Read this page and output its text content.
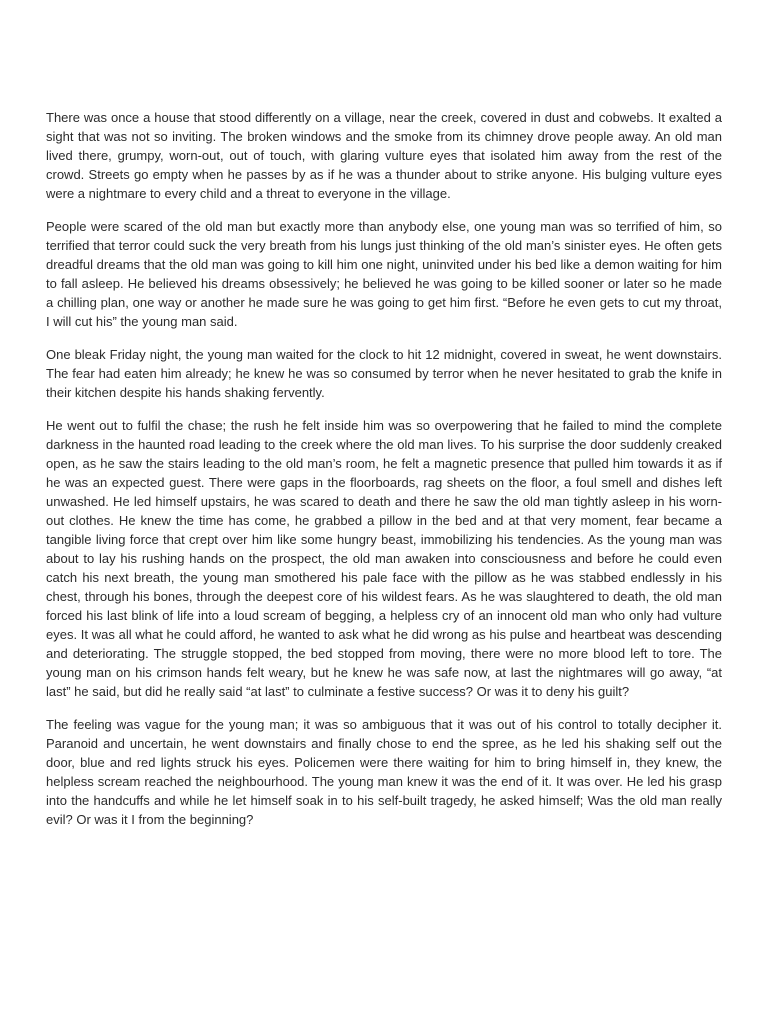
There was once a house that stood differently on a village, near the creek, covered in dust and cobwebs. It exalted a sight that was not so inviting. The broken windows and the smoke from its chimney drove people away. An old man lived there, grumpy, worn-out, out of touch, with glaring vulture eyes that isolated him away from the rest of the crowd. Streets go empty when he passes by as if he was a thunder about to strike anyone. His bulging vulture eyes were a nightmare to every child and a threat to everyone in the village.

People were scared of the old man but exactly more than anybody else, one young man was so terrified of him, so terrified that terror could suck the very breath from his lungs just thinking of the old man’s sinister eyes. He often gets dreadful dreams that the old man was going to kill him one night, uninvited under his bed like a demon waiting for him to fall asleep. He believed his dreams obsessively; he believed he was going to be killed sooner or later so he made a chilling plan, one way or another he made sure he was going to get him first. “Before he even gets to cut my throat, I will cut his” the young man said.

One bleak Friday night, the young man waited for the clock to hit 12 midnight, covered in sweat, he went downstairs. The fear had eaten him already; he knew he was so consumed by terror when he never hesitated to grab the knife in their kitchen despite his hands shaking fervently.

He went out to fulfil the chase; the rush he felt inside him was so overpowering that he failed to mind the complete darkness in the haunted road leading to the creek where the old man lives. To his surprise the door suddenly creaked open, as he saw the stairs leading to the old man’s room, he felt a magnetic presence that pulled him towards it as if he was an expected guest. There were gaps in the floorboards, rag sheets on the floor, a foul smell and dishes left unwashed. He led himself upstairs, he was scared to death and there he saw the old man tightly asleep in his worn-out clothes. He knew the time has come, he grabbed a pillow in the bed and at that very moment, fear became a tangible living force that crept over him like some hungry beast, immobilizing his tendencies. As the young man was about to lay his rushing hands on the prospect, the old man awaken into consciousness and before he could even catch his next breath, the young man smothered his pale face with the pillow as he was stabbed endlessly in his chest, through his bones, through the deepest core of his wildest fears. As he was slaughtered to death, the old man forced his last blink of life into a loud scream of begging, a helpless cry of an innocent old man who only had vulture eyes. It was all what he could afford, he wanted to ask what he did wrong as his pulse and heartbeat was descending and deteriorating. The struggle stopped, the bed stopped from moving, there were no more blood left to tore. The young man on his crimson hands felt weary, but he knew he was safe now, at last the nightmares will go away, “at last” he said, but did he really said “at last” to culminate a festive success? Or was it to deny his guilt?

The feeling was vague for the young man; it was so ambiguous that it was out of his control to totally decipher it. Paranoid and uncertain, he went downstairs and finally chose to end the spree, as he led his shaking self out the door, blue and red lights struck his eyes. Policemen were there waiting for him to bring himself in, they knew, the helpless scream reached the neighbourhood. The young man knew it was the end of it. It was over. He led his grasp into the handcuffs and while he let himself soak in to his self-built tragedy, he asked himself; Was the old man really evil? Or was it I from the beginning?
